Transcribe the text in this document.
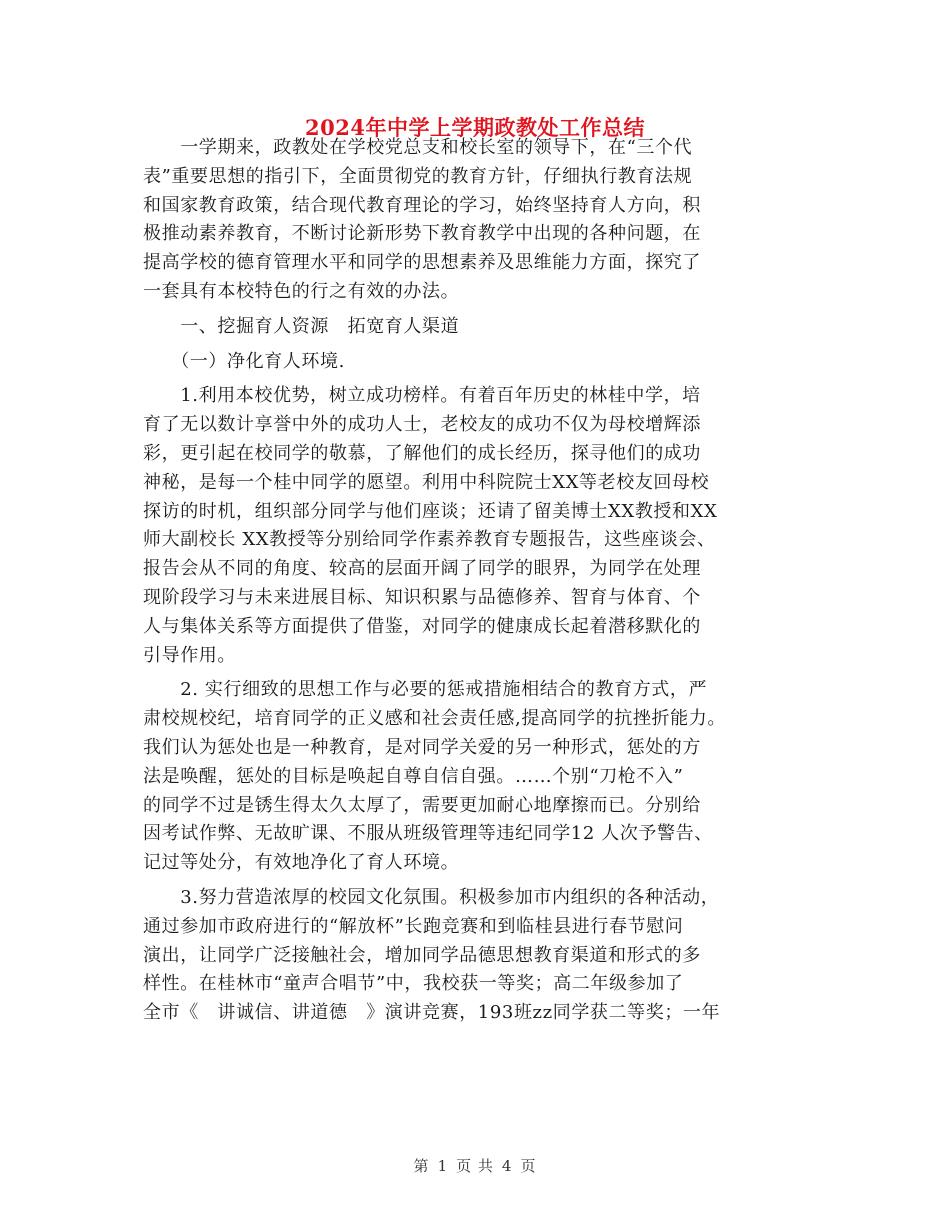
2024年中学上学期政教处工作总结
　　一学期来，政教处在学校党总支和校长室的领导下，在“三个代
表”重要思想的指引下，全面贯彻党的教育方针，仔细执行教育法规
和国家教育政策，结合现代教育理论的学习，始终坚持育人方向，积
极推动素养教育，不断讨论新形势下教育教学中出现的各种问题，在
提高学校的德育管理水平和同学的思想素养及思维能力方面，探究了
一套具有本校特色的行之有效的办法。
　　一、挖掘育人资源　拓宽育人渠道
　　（一）净化育人环境.
　　1.利用本校优势，树立成功榜样。有着百年历史的林桂中学，培
育了无以数计享誉中外的成功人士，老校友的成功不仅为母校增辉添
彩，更引起在校同学的敬慕，了解他们的成长经历，探寻他们的成功
神秘，是每一个桂中同学的愿望。利用中科院院士XX等老校友回母校
探访的时机，组织部分同学与他们座谈；还请了留美博士XX教授和XX
师大副校长 XX教授等分别给同学作素养教育专题报告，这些座谈会、
报告会从不同的角度、较高的层面开阔了同学的眼界，为同学在处理
现阶段学习与未来进展目标、知识积累与品德修养、智育与体育、个
人与集体关系等方面提供了借鉴，对同学的健康成长起着潜移默化的
引导作用。
　　2. 实行细致的思想工作与必要的惩戒措施相结合的教育方式，严
肃校规校纪，培育同学的正义感和社会责任感,提高同学的抗挫折能力。
我们认为惩处也是一种教育，是对同学关爱的另一种形式，惩处的方
法是唤醒，惩处的目标是唤起自尊自信自强。……个别“刀枪不入”
的同学不过是锈生得太久太厚了，需要更加耐心地摩擦而已。分别给
因考试作弊、无故旷课、不服从班级管理等违纪同学12 人次予警告、
记过等处分，有效地净化了育人环境。
　　3.努力营造浓厚的校园文化氛围。积极参加市内组织的各种活动，
通过参加市政府进行的“解放杯”长跑竞赛和到临桂县进行春节慰问
演出，让同学广泛接触社会，增加同学品德思想教育渠道和形式的多
样性。在桂林市“童声合唱节”中，我校获一等奖；高二年级参加了
全市《　讲诚信、讲道德　》演讲竞赛，193班zz同学获二等奖；一年
第 1 页 共 4 页
